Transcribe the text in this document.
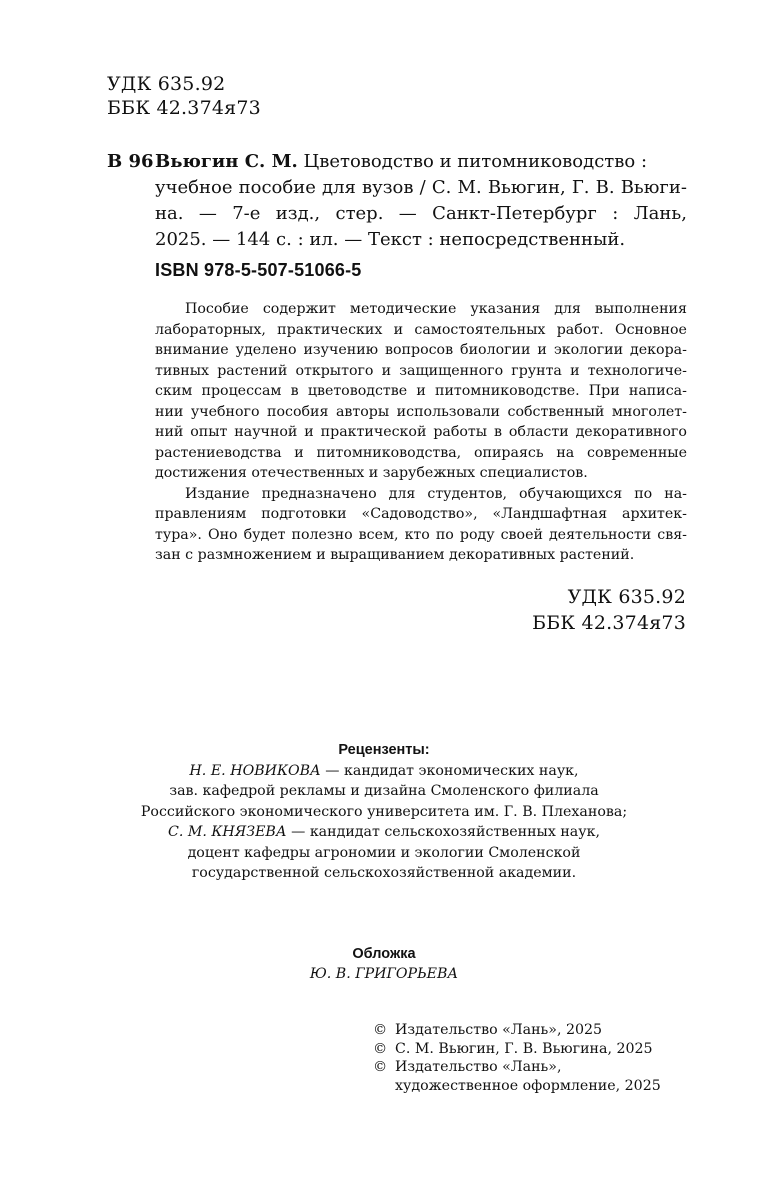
УДК 635.92
ББК 42.374я73
В 96 Вьюгин С. М. Цветоводство и питомниководство :
учебное пособие для вузов / С. М. Вьюгин, Г. В. Вьюги-
на. — 7-е изд., стер. — Санкт-Петербург : Лань,
2025. — 144 с. : ил. — Текст : непосредственный.
ISBN 978-5-507-51066-5
Пособие содержит методические указания для выполнения
лабораторных, практических и самостоятельных работ. Основное
внимание уделено изучению вопросов биологии и экологии декора-
тивных растений открытого и защищенного грунта и технологиче-
ским процессам в цветоводстве и питомниководстве. При написа-
нии учебного пособия авторы использовали собственный многолет-
ний опыт научной и практической работы в области декоративного
растениеводства и питомниководства, опираясь на современные
достижения отечественных и зарубежных специалистов.
Издание предназначено для студентов, обучающихся по на-
правлениям подготовки «Садоводство», «Ландшафтная архитек-
тура». Оно будет полезно всем, кто по роду своей деятельности свя-
зан с размножением и выращиванием декоративных растений.
УДК 635.92
ББК 42.374я73
Рецензенты:
Н. Е. НОВИКОВА — кандидат экономических наук,
зав. кафедрой рекламы и дизайна Смоленского филиала
Российского экономического университета им. Г. В. Плеханова;
С. М. КНЯЗЕВА — кандидат сельскохозяйственных наук,
доцент кафедры агрономии и экологии Смоленской
государственной сельскохозяйственной академии.
Обложка
Ю. В. ГРИГОРЬЕВА
© Издательство «Лань», 2025
© С. М. Вьюгин, Г. В. Вьюгина, 2025
© Издательство «Лань»,
художественное оформление, 2025
